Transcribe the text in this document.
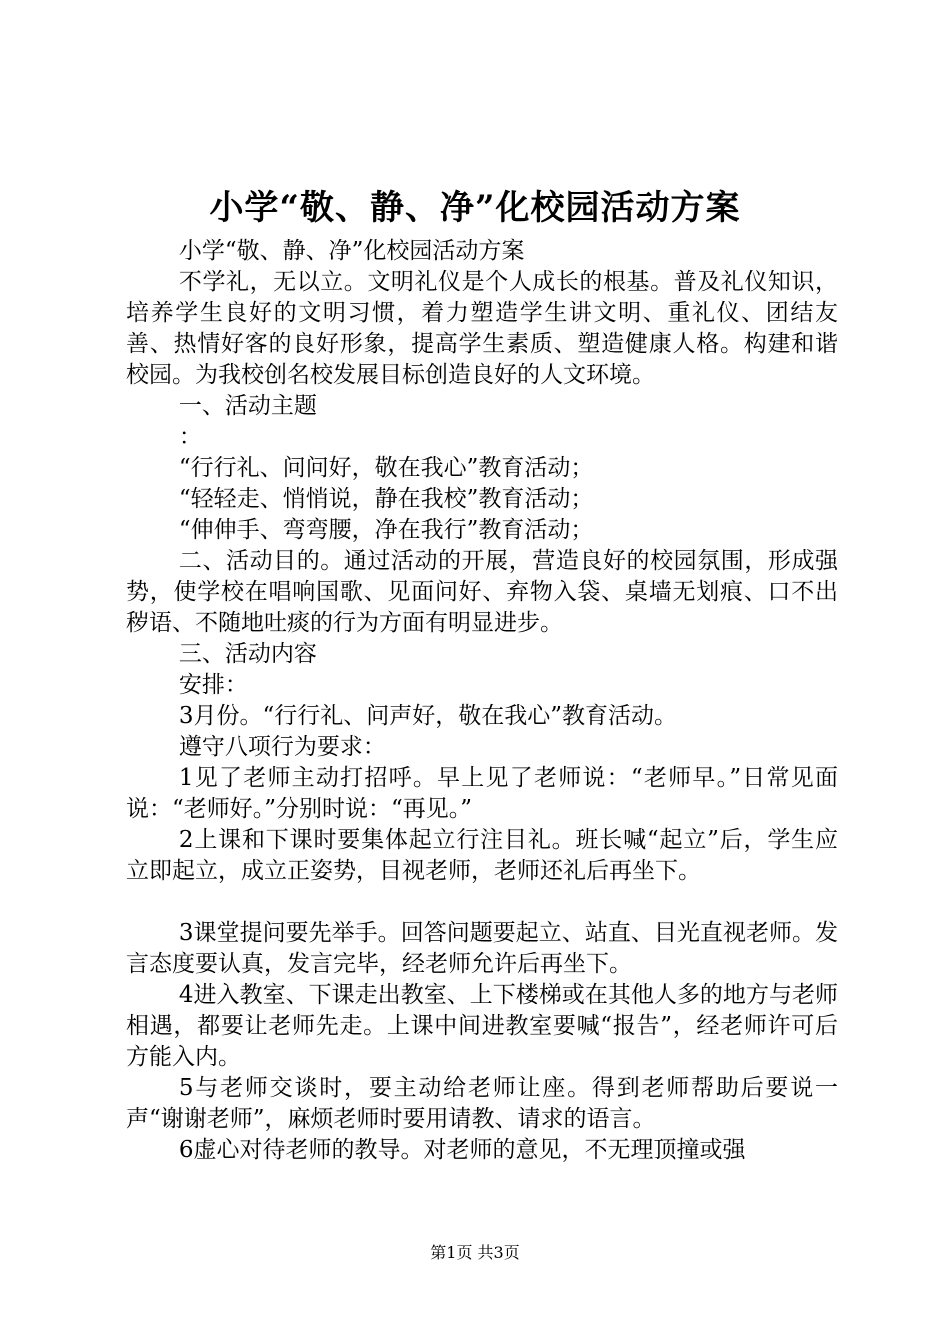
小学“敬、静、净”化校园活动方案

小学“敬、静、净”化校园活动方案

不学礼，无以立。文明礼仪是个人成长的根基。普及礼仪知识，培养学生良好的文明习惯，着力塑造学生讲文明、重礼仪、团结友善、热情好客的良好形象，提高学生素质、塑造健康人格。构建和谐校园。为我校创名校发展目标创造良好的人文环境。

一、活动主题

：

“行行礼、问问好，敬在我心”教育活动；

“轻轻走、悄悄说，静在我校”教育活动；

“伸伸手、弯弯腰，净在我行”教育活动；

二、活动目的。通过活动的开展，营造良好的校园氛围，形成强势，使学校在唱响国歌、见面问好、弃物入袋、桌墙无划痕、口不出秽语、不随地吐痰的行为方面有明显进步。

三、活动内容

安排：

3月份。“行行礼、问声好，敬在我心”教育活动。

遵守八项行为要求：

1见了老师主动打招呼。早上见了老师说：“老师早。”日常见面说：“老师好。”分别时说：“再见。”

2上课和下课时要集体起立行注目礼。班长喊“起立”后，学生应立即起立，成立正姿势，目视老师，老师还礼后再坐下。

3课堂提问要先举手。回答问题要起立、站直、目光直视老师。发言态度要认真，发言完毕，经老师允许后再坐下。

4进入教室、下课走出教室、上下楼梯或在其他人多的地方与老师相遇，都要让老师先走。上课中间进教室要喊“报告”，经老师许可后方能入内。

5与老师交谈时，要主动给老师让座。得到老师帮助后要说一声“谢谢老师”，麻烦老师时要用请教、请求的语言。

6虚心对待老师的教导。对老师的意见，不无理顶撞或强

第1页 共3页
